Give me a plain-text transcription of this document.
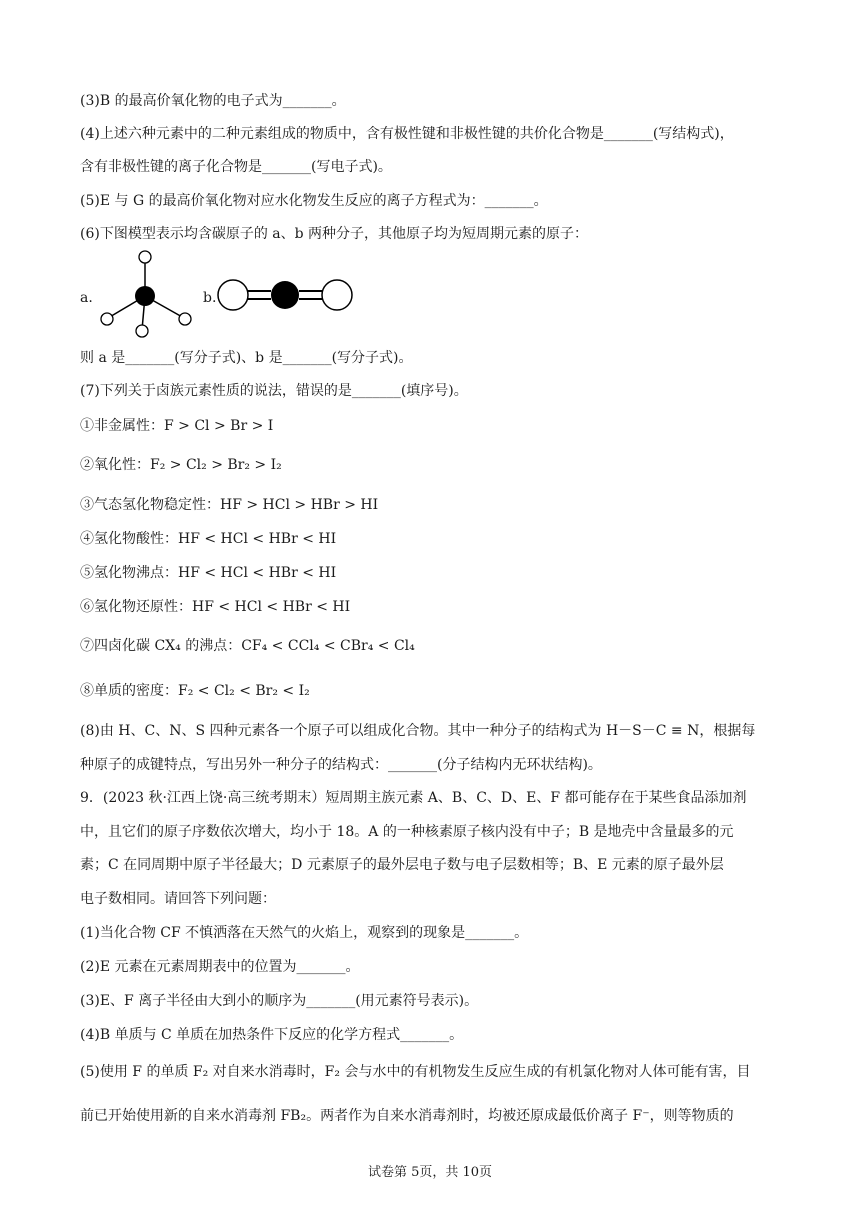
(3)B 的最高价氧化物的电子式为_______。
(4)上述六种元素中的二种元素组成的物质中，含有极性键和非极性键的共价化合物是_______(写结构式)，
含有非极性键的离子化合物是_______(写电子式)。
(5)E 与 G 的最高价氧化物对应水化物发生反应的离子方程式为：_______。
(6)下图模型表示均含碳原子的 a、b 两种分子，其他原子均为短周期元素的原子：
a.	b.
则 a 是_______(写分子式)、b 是_______(写分子式)。
(7)下列关于卤族元素性质的说法，错误的是_______(填序号)。
①非金属性：F > Cl > Br > I
②氧化性：F₂ > Cl₂ > Br₂ > I₂
③气态氢化物稳定性：HF > HCl > HBr > HI
④氢化物酸性：HF < HCl < HBr < HI
⑤氢化物沸点：HF < HCl < HBr < HI
⑥氢化物还原性：HF < HCl < HBr < HI
⑦四卤化碳 CX₄ 的沸点：CF₄ < CCl₄ < CBr₄ < Cl₄
⑧单质的密度：F₂ < Cl₂ < Br₂ < I₂
(8)由 H、C、N、S 四种元素各一个原子可以组成化合物。其中一种分子的结构式为 H－S－C ≡ N，根据每
种原子的成键特点，写出另外一种分子的结构式：_______(分子结构内无环状结构)。
9．(2023 秋·江西上饶·高三统考期末）短周期主族元素 A、B、C、D、E、F 都可能存在于某些食品添加剂
中，且它们的原子序数依次增大，均小于 18。A 的一种核素原子核内没有中子；B 是地壳中含量最多的元
素；C 在同周期中原子半径最大；D 元素原子的最外层电子数与电子层数相等；B、E 元素的原子最外层
电子数相同。请回答下列问题：
(1)当化合物 CF 不慎洒落在天然气的火焰上，观察到的现象是_______。
(2)E 元素在元素周期表中的位置为_______。
(3)E、F 离子半径由大到小的顺序为_______(用元素符号表示)。
(4)B 单质与 C 单质在加热条件下反应的化学方程式_______。
(5)使用 F 的单质 F₂ 对自来水消毒时，F₂ 会与水中的有机物发生反应生成的有机氯化物对人体可能有害，目
前已开始使用新的自来水消毒剂 FB₂。两者作为自来水消毒剂时，均被还原成最低价离子 F⁻，则等物质的
试卷第 5页，共 10页
